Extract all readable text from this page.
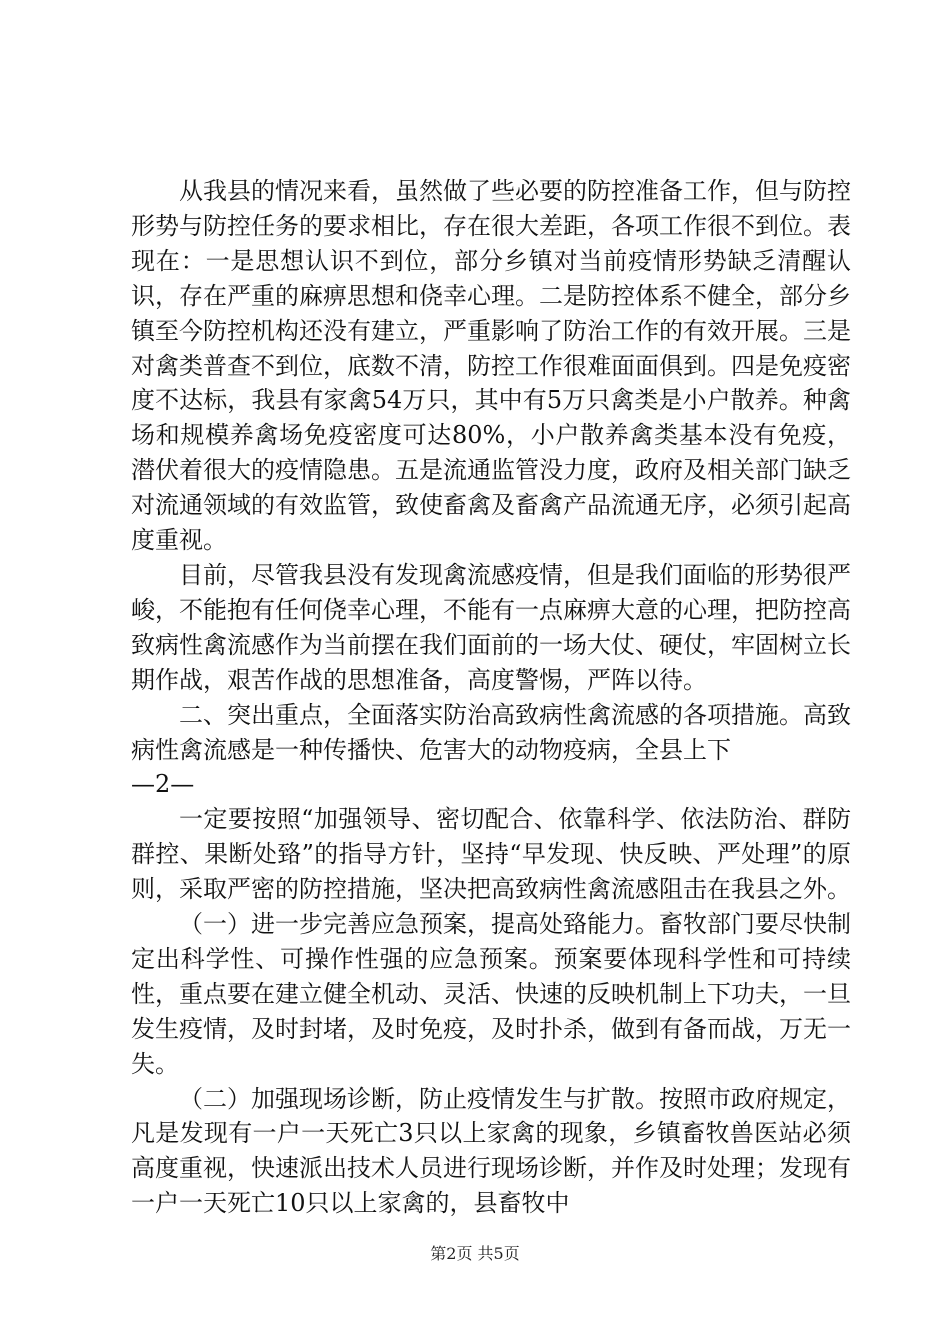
从我县的情况来看，虽然做了些必要的防控准备工作，但与防控形势与防控任务的要求相比，存在很大差距，各项工作很不到位。表现在：一是思想认识不到位，部分乡镇对当前疫情形势缺乏清醒认识，存在严重的麻痹思想和侥幸心理。二是防控体系不健全，部分乡镇至今防控机构还没有建立，严重影响了防治工作的有效开展。三是对禽类普查不到位，底数不清，防控工作很难面面俱到。四是免疫密度不达标，我县有家禽54万只，其中有5万只禽类是小户散养。种禽场和规模养禽场免疫密度可达80%，小户散养禽类基本没有免疫，潜伏着很大的疫情隐患。五是流通监管没力度，政府及相关部门缺乏对流通领域的有效监管，致使畜禽及畜禽产品流通无序，必须引起高度重视。

目前，尽管我县没有发现禽流感疫情，但是我们面临的形势很严峻，不能抱有任何侥幸心理，不能有一点麻痹大意的心理，把防控高致病性禽流感作为当前摆在我们面前的一场大仗、硬仗，牢固树立长期作战，艰苦作战的思想准备，高度警惕，严阵以待。

二、突出重点，全面落实防治高致病性禽流感的各项措施。高致病性禽流感是一种传播快、危害大的动物疫病，全县上下

—2—

一定要按照“加强领导、密切配合、依靠科学、依法防治、群防群控、果断处臵”的指导方针，坚持“早发现、快反映、严处理”的原则，采取严密的防控措施，坚决把高致病性禽流感阻击在我县之外。

（一）进一步完善应急预案，提高处臵能力。畜牧部门要尽快制定出科学性、可操作性强的应急预案。预案要体现科学性和可持续性，重点要在建立健全机动、灵活、快速的反映机制上下功夫，一旦发生疫情，及时封堵，及时免疫，及时扑杀，做到有备而战，万无一失。

（二）加强现场诊断，防止疫情发生与扩散。按照市政府规定，凡是发现有一户一天死亡3只以上家禽的现象，乡镇畜牧兽医站必须高度重视，快速派出技术人员进行现场诊断，并作及时处理；发现有一户一天死亡10只以上家禽的，县畜牧中

第2页 共5页
